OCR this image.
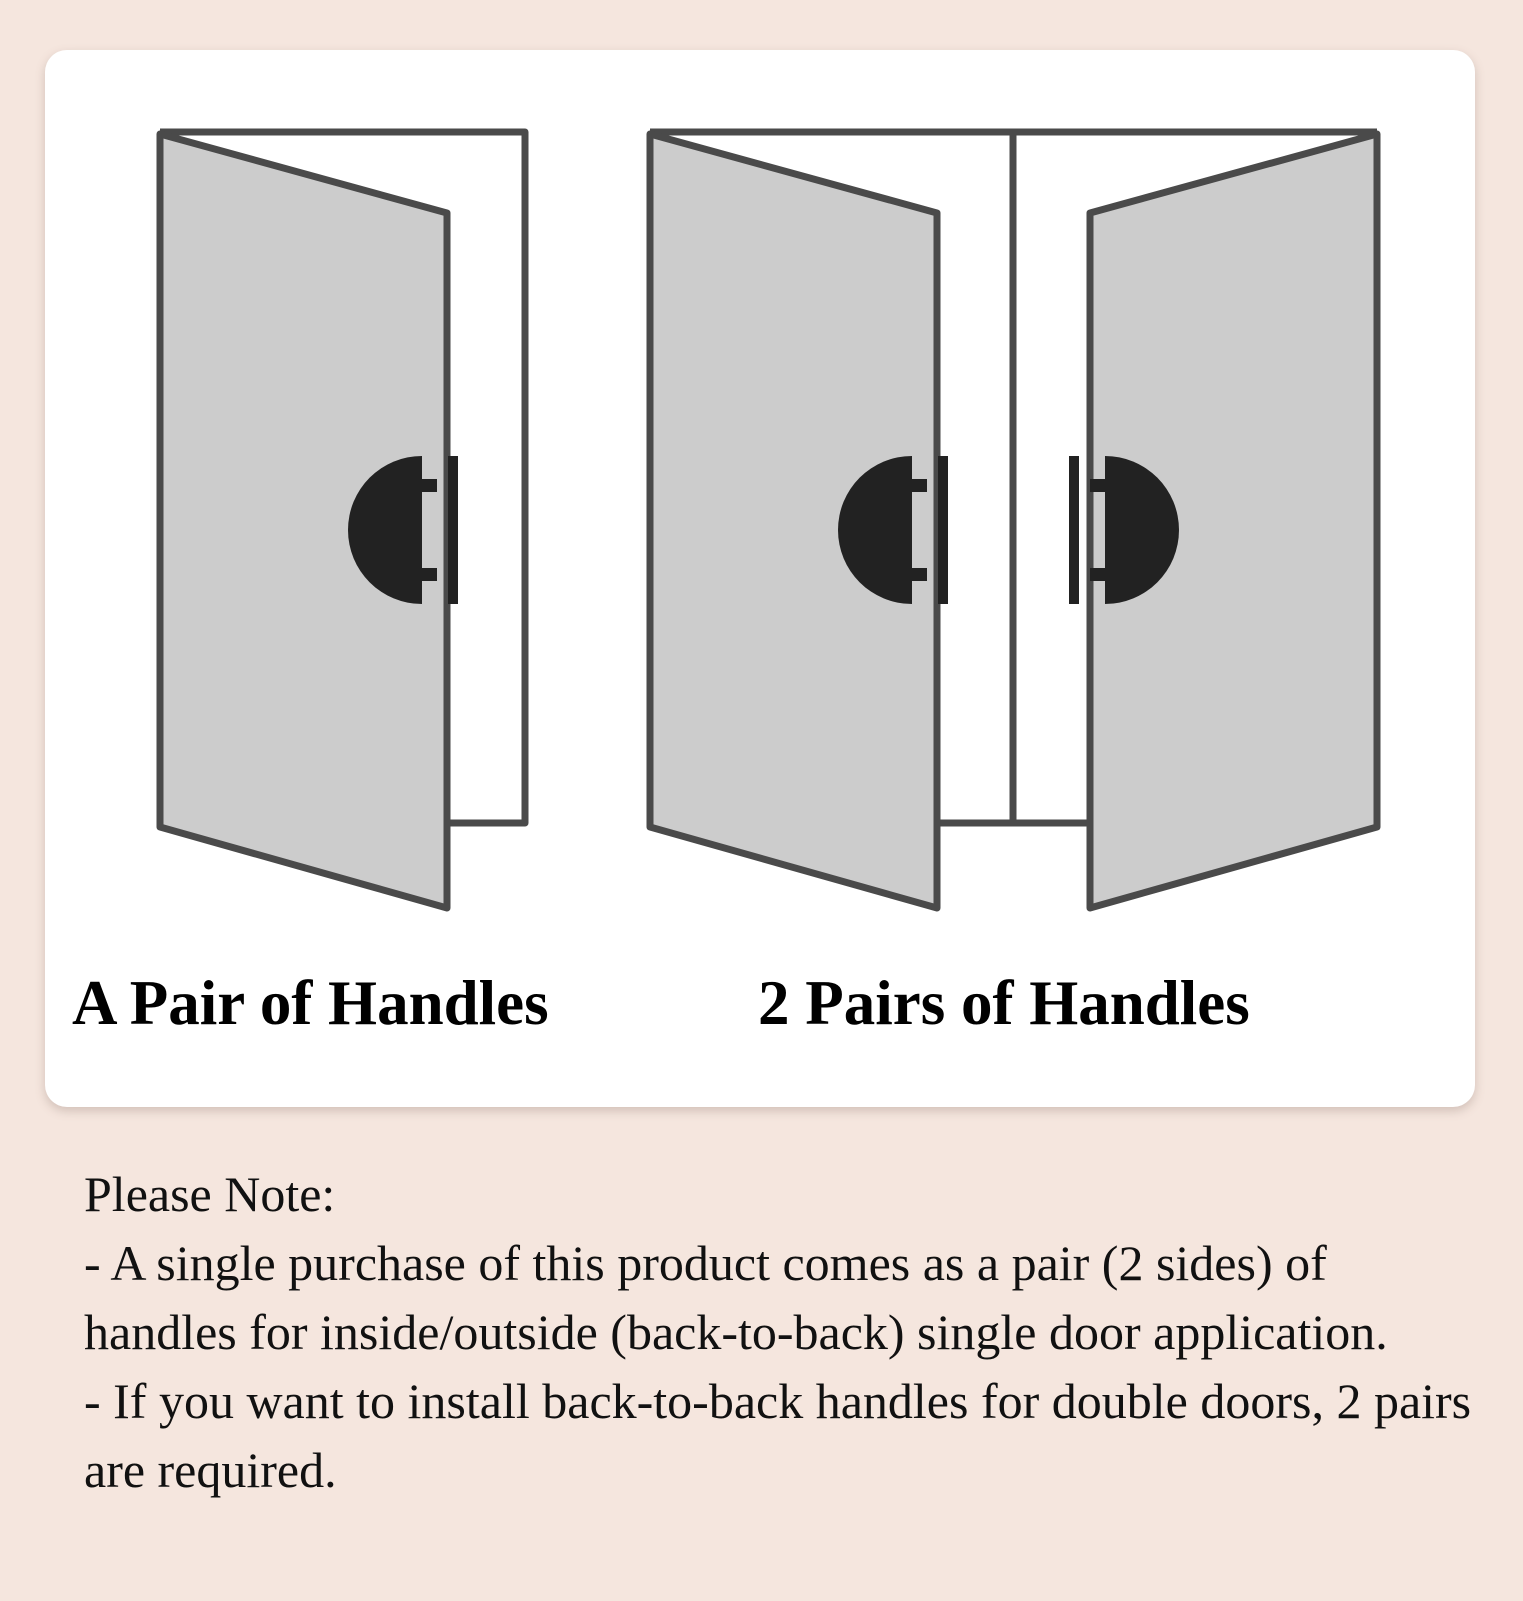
A Pair of Handles	2 Pairs of Handles
Please Note:
- A single purchase of this product comes as a pair (2 sides) of handles for inside/outside (back-to-back) single door application.
- If you want to install back-to-back handles for double doors, 2 pairs are required.
